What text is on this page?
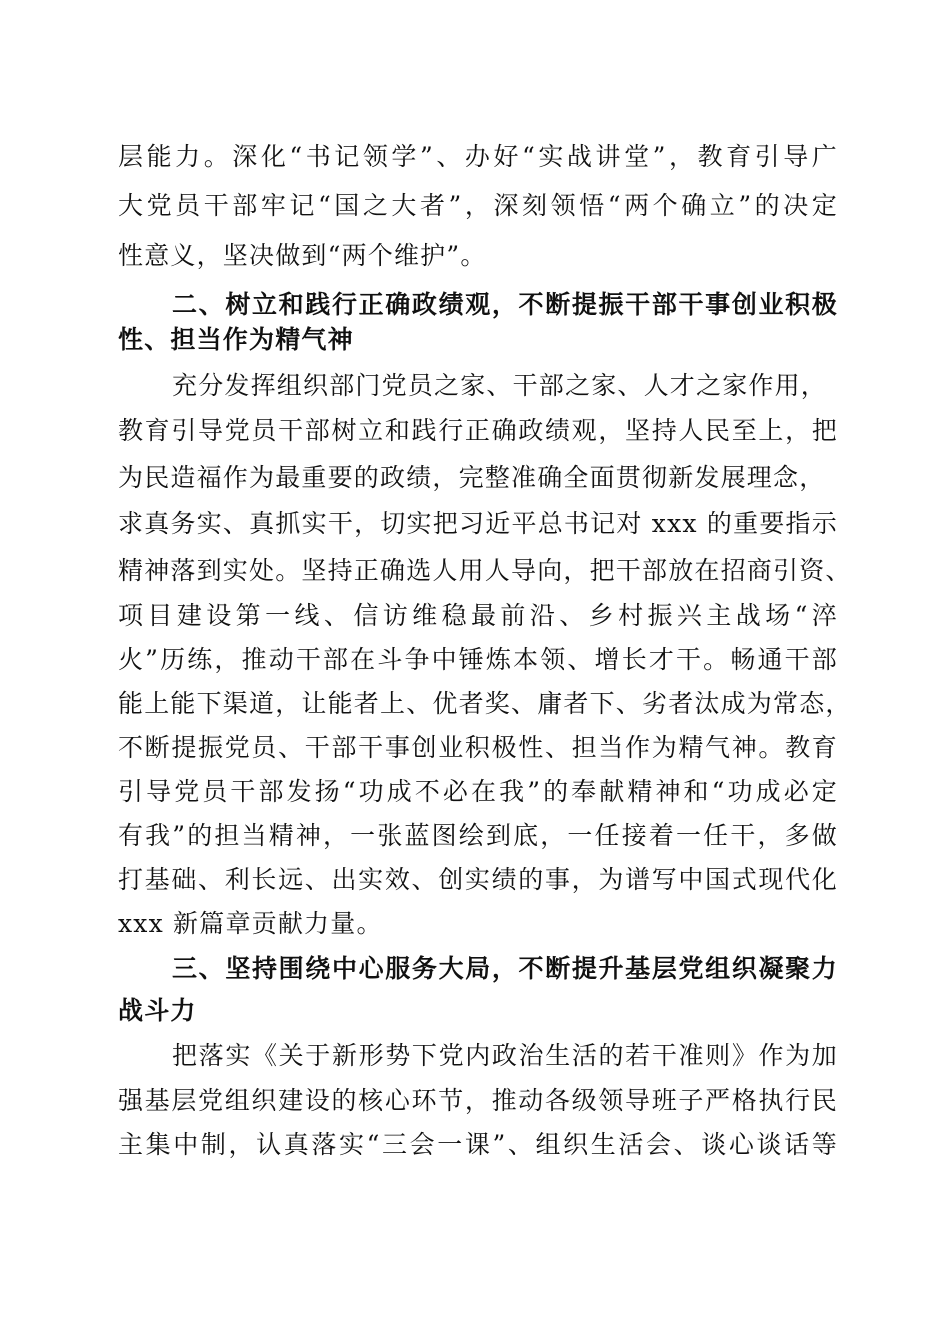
层能力。深化“书记领学”、办好“实战讲堂”，教育引导广
大党员干部牢记“国之大者”，深刻领悟“两个确立”的决定
性意义，坚决做到“两个维护”。
二、树立和践行正确政绩观，不断提振干部干事创业积极
性、担当作为精气神
充分发挥组织部门党员之家、干部之家、人才之家作用，
教育引导党员干部树立和践行正确政绩观，坚持人民至上，把
为民造福作为最重要的政绩，完整准确全面贯彻新发展理念，
求真务实、真抓实干，切实把习近平总书记对 xxx 的重要指示
精神落到实处。坚持正确选人用人导向，把干部放在招商引资、
项目建设第一线、信访维稳最前沿、乡村振兴主战场“淬
火”历练，推动干部在斗争中锤炼本领、增长才干。畅通干部
能上能下渠道，让能者上、优者奖、庸者下、劣者汰成为常态，
不断提振党员、干部干事创业积极性、担当作为精气神。教育
引导党员干部发扬“功成不必在我”的奉献精神和“功成必定
有我”的担当精神，一张蓝图绘到底，一任接着一任干，多做
打基础、利长远、出实效、创实绩的事，为谱写中国式现代化
xxx 新篇章贡献力量。
三、坚持围绕中心服务大局，不断提升基层党组织凝聚力
战斗力
把落实《关于新形势下党内政治生活的若干准则》作为加
强基层党组织建设的核心环节，推动各级领导班子严格执行民
主集中制，认真落实“三会一课”、组织生活会、谈心谈话等
